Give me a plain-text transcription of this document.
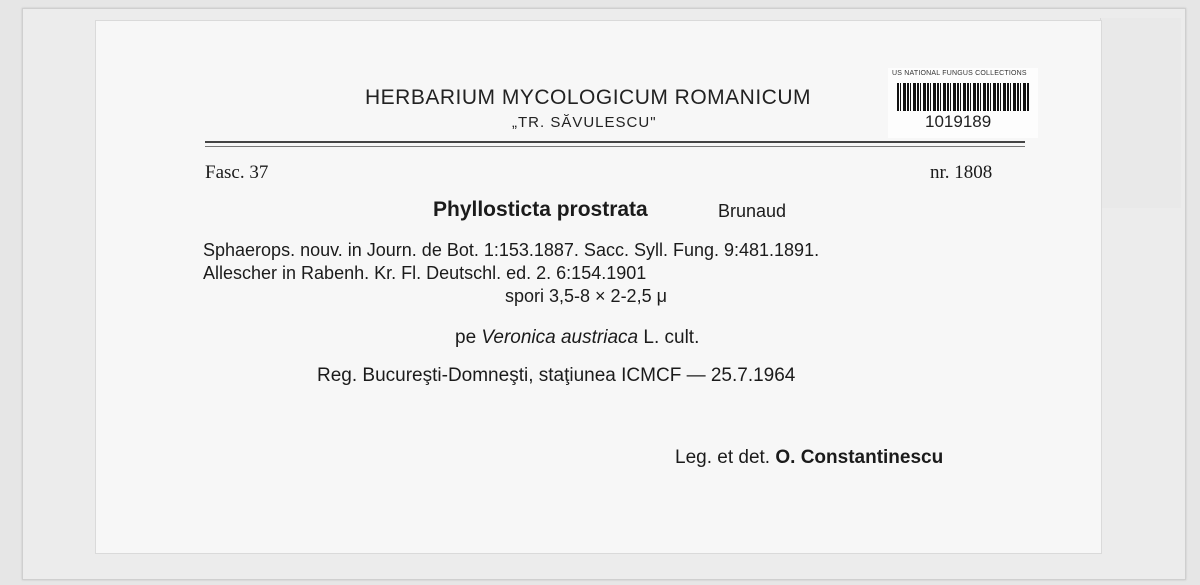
HERBARIUM MYCOLOGICUM ROMANICUM
„TR. SĂVULESCU"
US NATIONAL FUNGUS COLLECTIONS
1019189
Fasc. 37	nr. 1808
Phyllosticta prostrata	Brunaud
Sphaerops. nouv. in Journ. de Bot. 1:153.1887. Sacc. Syll. Fung. 9:481.1891.
Allescher in Rabenh. Kr. Fl. Deutschl. ed. 2. 6:154.1901
spori 3,5-8 × 2-2,5 μ
pe Veronica austriaca L. cult.
Reg. Bucureşti-Domneşti, staţiunea ICMCF — 25.7.1964
Leg. et det. O. Constantinescu
